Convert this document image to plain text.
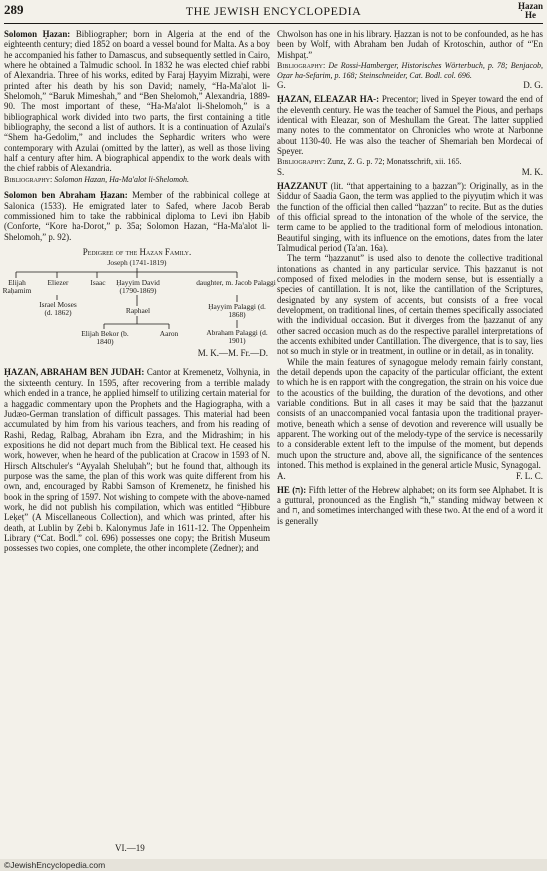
289	THE JEWISH ENCYCLOPEDIA	Ḥazan
He

Solomon Ḥazan: Bibliographer; born in Algeria at the end of the eighteenth century; died 1852 on board a vessel bound for Malta. As a boy he accompanied his father to Damascus, and subsequently settled in Cairo, where he obtained a Talmudic school. In 1832 he was elected chief rabbi of Alexandria. Three of his works, edited by Faraj Ḥayyim Mizraḥi, were printed after his death by his son David; namely, “Ha-Ma'alot li-Shelomoh,” “Baruk Mimeshah,” and “Ben Shelomoh,” Alexandria, 1889-90. The most important of these, “Ha-Ma'alot li-Shelomoh,” is a bibliographical work divided into two parts, the first containing a title bibliography, the second a list of authors. It is a continuation of Azulai's “Shem ha-Gedolim,” and includes the Sephardic writers who were contemporary with Azulai (omitted by the latter), as well as those living half a century after him. A biographical appendix to the work deals with the chief rabbis of Alexandria.

Bibliography: Solomon Hazan, Ha-Ma'alot li-Shelomoh.

Solomon ben Abraham Ḥazan: Member of the rabbinical college at Salonica (1533). He emigrated later to Safed, where Jacob Berab commissioned him to take the rabbinical diploma to Levi ibn Ḥabib (Conforte, “Kore ha-Dorot,” p. 35a; Solomon Hazan, “Ha-Ma'alot li-Shelomoh,” p. 92).

Pedigree of the Hazan Family.
Joseph (1741-1819)
Elijah Raḥamim
Eliezer
Israel Moses (d. 1862)
Isaac	Ḥayyim David (1790-1869)
Raphael
Elijah Bekor (b. 1840)
Aaron
daughter, m. Jacob Palaggi
Ḥayyim Palaggi (d. 1868)
Abraham Palaggi (d. 1901)
M. K.—M. Fr.—D.

ḤAZAN, ABRAHAM BEN JUDAH: Cantor at Kremenetz, Volhynia, in the sixteenth century. In 1595, after recovering from a terrible malady which ended in a trance, he applied himself to utilizing certain material for a haggadic commentary upon the Prophets and the Hagiographa, with a Judæo-German translation of difficult passages. This material had been accumulated by him from his various teachers, and from his reading of Rashi, Redag, Ralbag, Abraham ibn Ezra, and the Midrashim; in his expositions he did not depart much from the Biblical text. He ceased his work, however, when he heard of the publication at Cracow in 1593 of N. Hirsch Altschuler's “Ayyalah Sheluḥah”; but he found that, although its purpose was the same, the plan of this work was quite different from his own, and, encouraged by Rabbi Samson of Kremenetz, he finished his book in the spring of 1597. Not wishing to compete with the above-named work, he did not publish his compilation, which was entitled “Ḥibbure Leḳeṭ” (A Miscellaneous Collection), and which was printed, after his death, at Lublin by Ẓebi b. Kalonymus Jafe in 1611-12. The Oppenheim Library (“Cat. Bodl.” col. 696) possesses one copy; the British Museum possesses two copies, one complete, the other incomplete (Zedner); and

VI.—19

Chwolson has one in his library. Ḥazzan is not to be confounded, as he has been by Wolf, with Abraham ben Judah of Krotoschin, author of “'En Mishpaṭ.”

Bibliography: De Rossi-Hamberger, Historisches Wörterbuch, p. 78; Benjacob, Oẓar ha-Sefarim, p. 168; Steinschneider, Cat. Bodl. col. 696.

G.	D. G.

ḤAZAN, ELEAZAR HA-: Precentor; lived in Speyer toward the end of the eleventh century. He was the teacher of Samuel the Pious, and perhaps identical with Eleazar, son of Meshullam the Great. The latter supplied many notes to the commentator on Chronicles who wrote at Narbonne about 1130-40. He was also the teacher of Shemariah ben Mordecai of Speyer.

Bibliography: Zunz, Z. G. p. 72; Monatsschrift, xii. 165.

S.	M. K.

ḤAZZANUT (lit. “that appertaining to a ḥazzan”): Originally, as in the Siddur of Saadia Gaon, the term was applied to the piyyuṭim which it was the function of the official then called “ḥazzan” to recite. But as the duties of this official spread to the intonation of the whole of the service, the term came to be applied to the traditional form of melodious intonation. Beautiful singing, with its influence on the emotions, dates from the later Talmudical period (Ta'an. 16a).

The term “ḥazzanut” is used also to denote the collective traditional intonations as chanted in any particular service. This ḥazzanut is not composed of fixed melodies in the modern sense, but is essentially a species of cantillation. It is not, like the cantillation of the Scriptures, designated by any system of accents, but consists of a free vocal development, on traditional lines, of certain themes specifically associated with the individual occasion. But it diverges from the ḥazzanut of any other sacred occasion much as do the respective parallel interpretations of the accents exhibited under Cantillation. The divergence, that is to say, lies not so much in style or in treatment, in outline or in detail, as in tonality.

While the main features of synagogue melody remain fairly constant, the detail depends upon the capacity of the particular officiant, the extent to which he is en rapport with the congregation, the strain on his voice due to the acoustics of the building, the duration of the devotions, and other variable conditions. But in all cases it may be said that the ḥazzanut consists of an unaccompanied vocal fantasia upon the traditional prayer-motive, beneath which a sense of devotion and reverence will usually be apparent. The working out of the melody-type of the service is necessarily to a considerable extent left to the impulse of the moment, but depends much upon the structure and, above all, the significance of the sentences intoned. This method is explained in the general article Music, Synagogal.

A.	F. L. C.

HE (ה): Fifth letter of the Hebrew alphabet; on its form see Alphabet. It is a guttural, pronounced as the English “h,” standing midway between א and ח, and sometimes interchanged with these two. At the end of a word it is generally

©JewishEncyclopedia.com
